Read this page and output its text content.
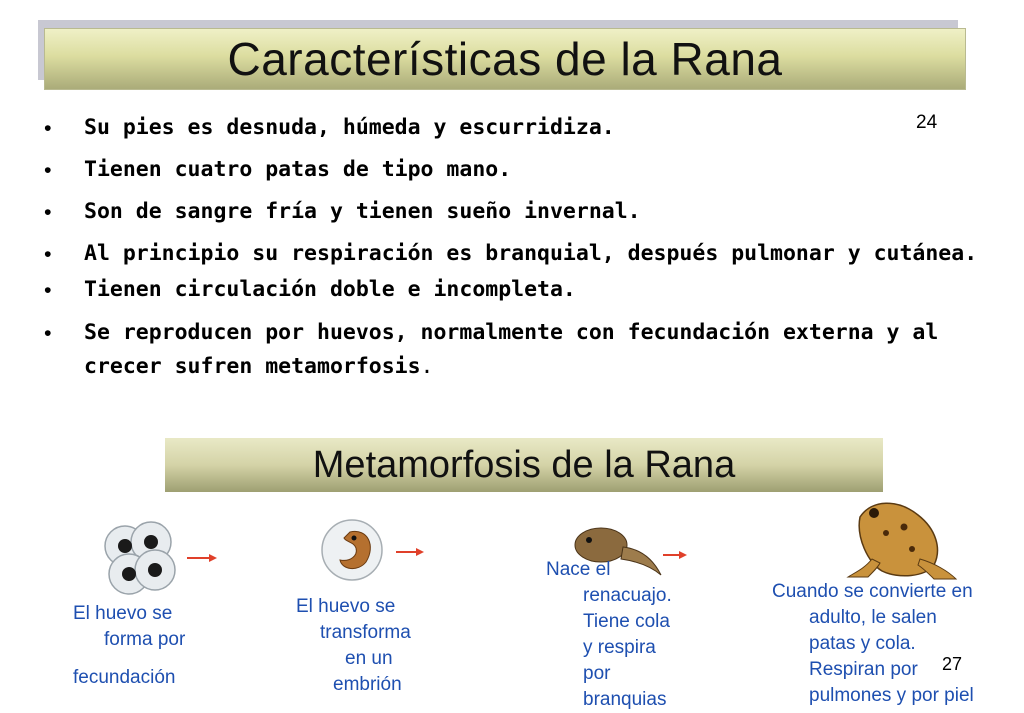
Características de la Rana
24
• Su pies es desnuda, húmeda y escurridiza.
• Tienen cuatro patas de tipo mano.
• Son de sangre fría y tienen sueño invernal.
• Al principio su respiración es branquial, después pulmonar y cutánea.
• Tienen circulación doble e incompleta.
• Se reproducen por huevos, normalmente con fecundación externa y al crecer sufren metamorfosis.
Metamorfosis de la Rana
El huevo se
forma por
fecundación
El huevo se
transforma
en un
embrión
Nace el
renacuajo.
Tiene cola
y respira
por
branquias
Cuando se convierte en
adulto, le salen
patas y cola.
Respiran por
pulmones y por piel
27
